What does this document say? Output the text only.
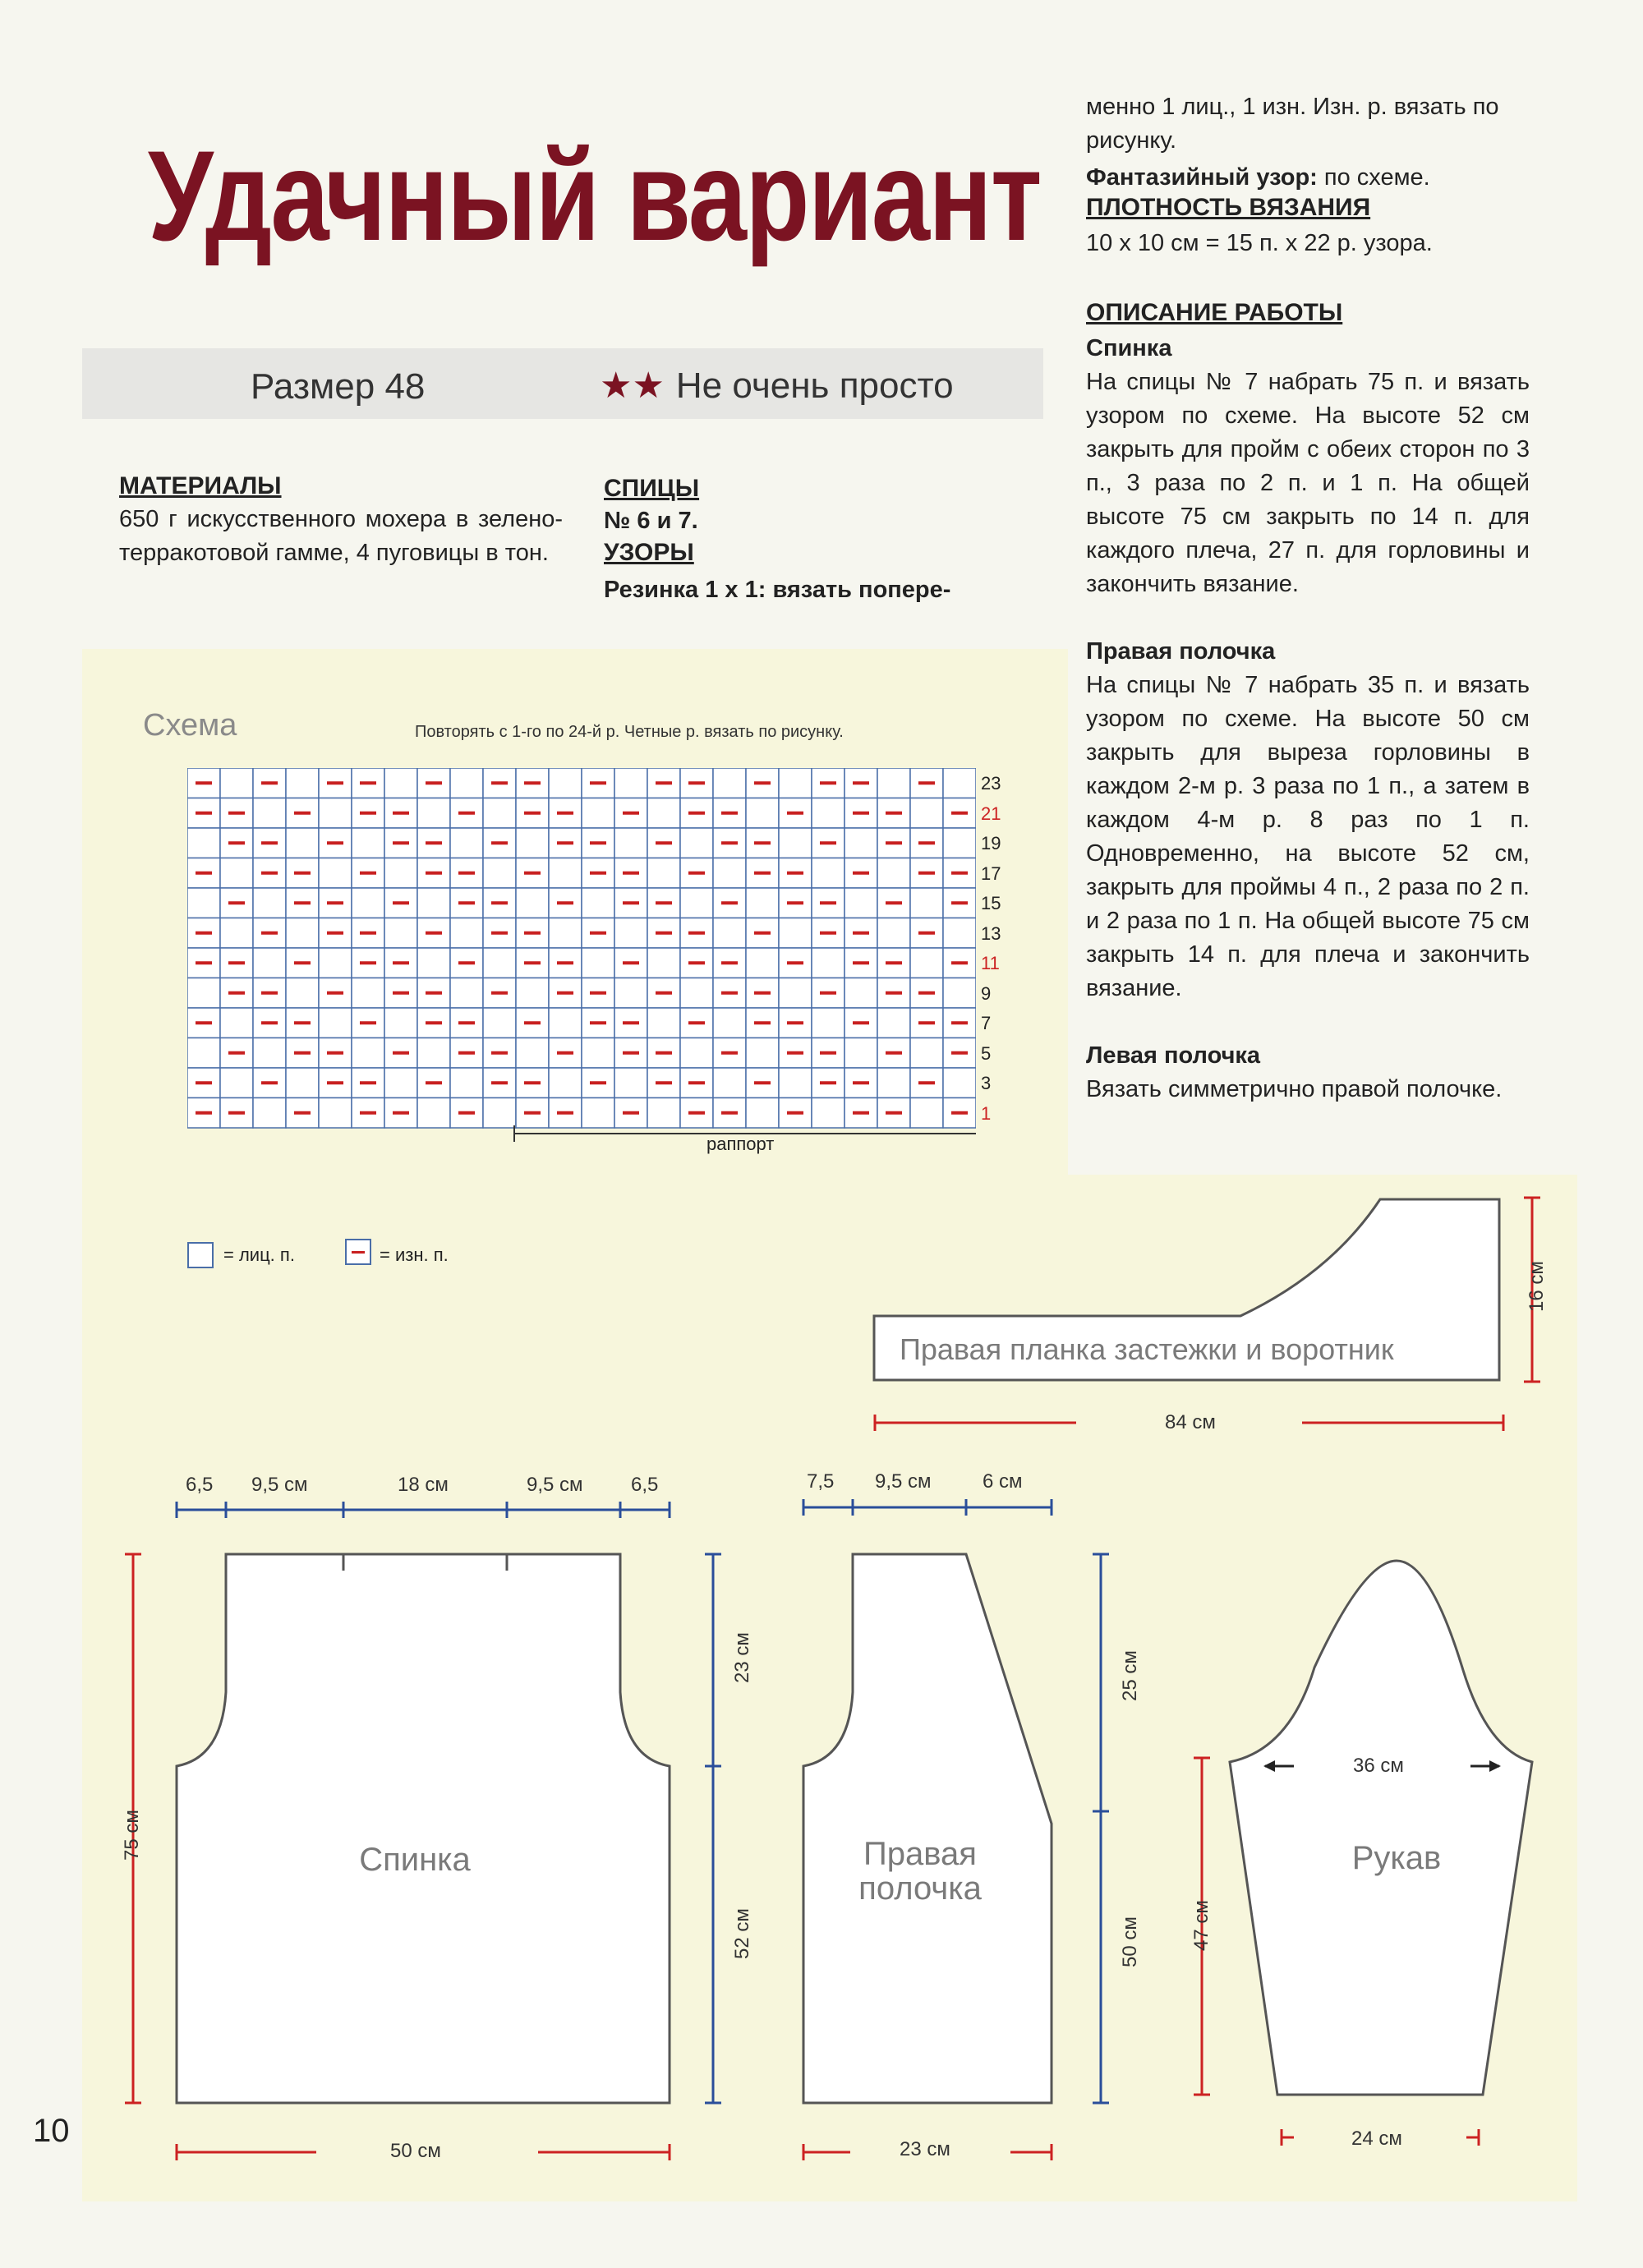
Удачный вариант
менно 1 лиц., 1 изн. Изн. р. вязать по рисунку.
Фантазийный узор: по схеме.
ПЛОТНОСТЬ ВЯЗАНИЯ
10 х 10 см = 15 п. х 22 р. узора.
ОПИСАНИЕ РАБОТЫ
Спинка
На спицы № 7 набрать 75 п. и вязать узором по схеме. На высоте 52 см закрыть для пройм с обеих сторон по 3 п., 3 раза по 2 п. и 1 п. На общей высоте 75 см закрыть по 14 п. для каждого плеча, 27 п. для горловины и закончить вязание.
Правая полочка
На спицы № 7 набрать 35 п. и вязать узором по схеме. На высоте 50 см закрыть для выреза горловины в каждом 2-м р. 3 раза по 1 п., а затем в каждом 4-м р. 8 раз по 1 п. Одновременно, на высоте 52 см, закрыть для проймы 4 п., 2 раза по 2 п. и 2 раза по 1 п. На общей высоте 75 см закрыть 14 п. для плеча и закончить вязание.
Левая полочка
Вязать симметрично правой полочке.
Размер 48	★★ Не очень просто
МАТЕРИАЛЫ
650 г искусственного мохера в зелено-терракотовой гамме, 4 пуговицы в тон.
СПИЦЫ
№ 6 и 7.
УЗОРЫ
Резинка 1 х 1: вязать попере-
Схема	Повторять с 1-го по 24-й р. Четные р. вязать по рисунку.
раппорт
23
21
19
17
15
13
11
9
7
5
3
1
= лиц. п.	= изн. п.
Правая планка застежки и воротник
84 см
16 см
6,5 9,5 см	18 см	9,5 см 6,5
Спинка
75 см
23 см
52 см
50 см
7,5 9,5 см	6 см
Правая полочка
25 см
50 см
23 см
36 см
Рукав
47 см
24 см
10
